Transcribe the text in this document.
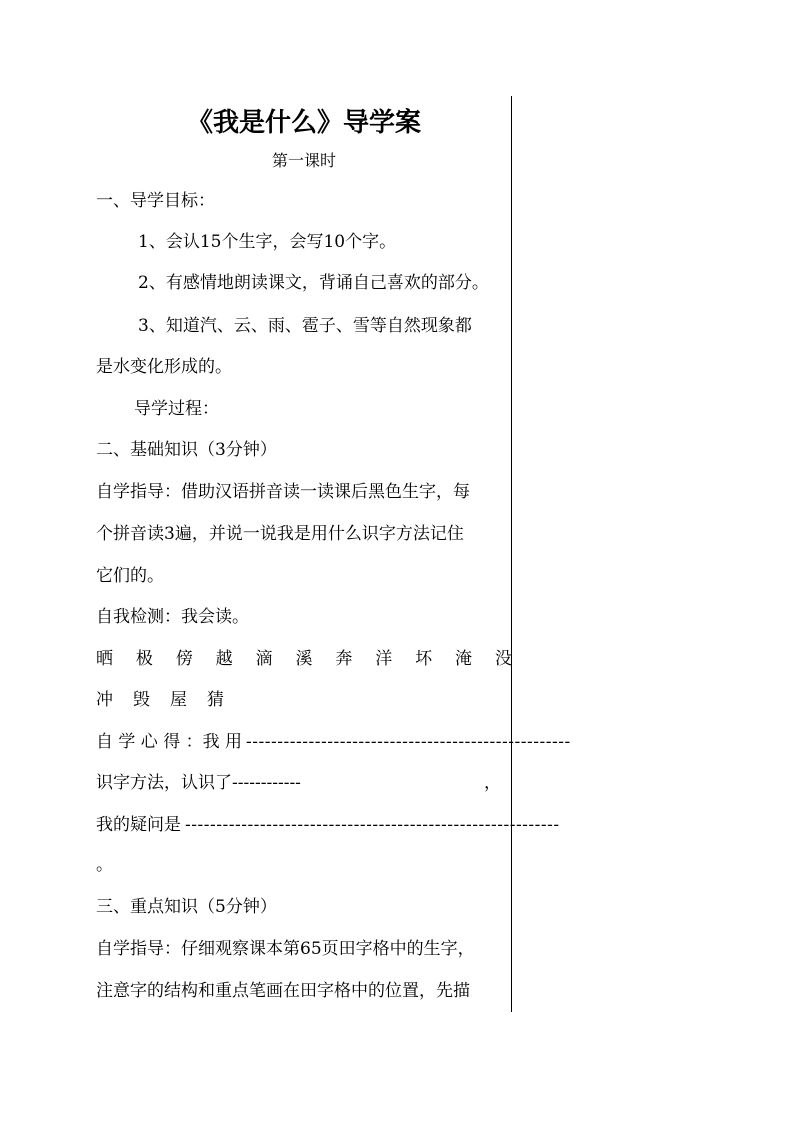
《我是什么》导学案
第一课时
一、导学目标：
1、会认15个生字，会写10个字。
2、有感情地朗读课文，背诵自己喜欢的部分。
3、知道汽、云、雨、雹子、雪等自然现象都
是水变化形成的。
导学过程：
二、基础知识（3分钟）
自学指导：借助汉语拼音读一读课后黑色生字，每
个拼音读3遍，并说一说我是用什么识字方法记住
它们的。
自我检测：我会读。
晒 极 傍 越 滴 溪 奔 洋 坏 淹 没
冲 毁 屋 猜
自 学 心 得 ：我 用 ----------------------------------------------------
识字方法，认识了------------	，
我的疑问是 ------------------------------------------------------------
。
三、重点知识（5分钟）
自学指导：仔细观察课本第65页田字格中的生字，
注意字的结构和重点笔画在田字格中的位置，先描
